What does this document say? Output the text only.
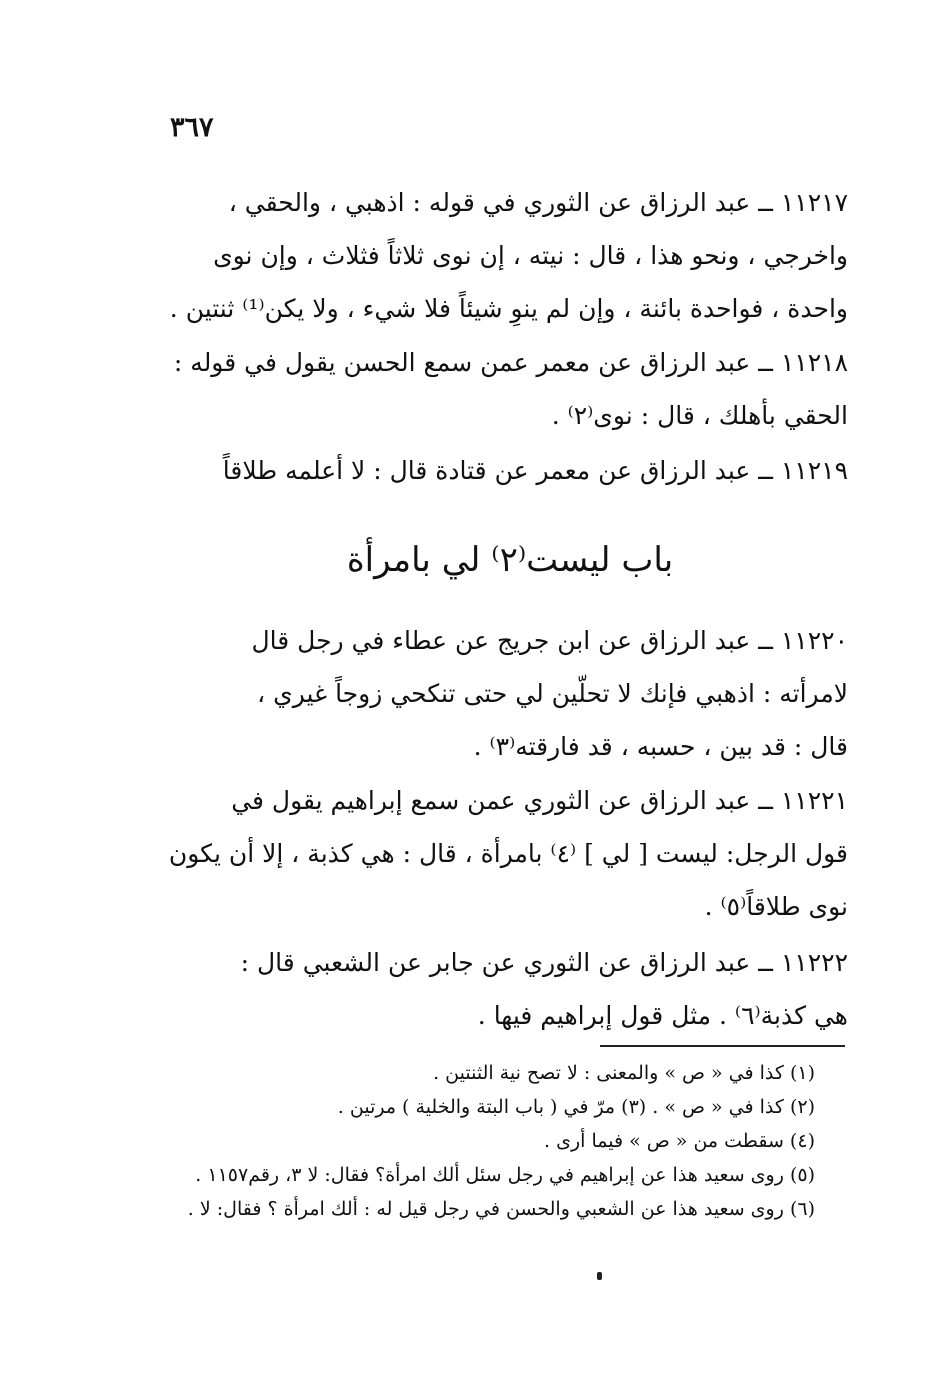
٣٦٧
١١٢١٧ ــ عبد الرزاق عن الثوري في قوله : اذهبي ، والحقي ،
واخرجي ، ونحو هذا ، قال : نيته ، إن نوى ثلاثاً فثلاث ، وإن نوى
واحدة ، فواحدة بائنة ، وإن لم ينوِ شيئاً فلا شيء ، ولا يكن⁽¹⁾ ثنتين .
١١٢١٨ ــ عبد الرزاق عن معمر عمن سمع الحسن يقول في قوله :
الحقي بأهلك ، قال : نوى⁽٢⁾ .
١١٢١٩ ــ عبد الرزاق عن معمر عن قتادة قال : لا أعلمه طلاقاً
باب ليست⁽٢⁾ لي بامرأة
١١٢٢٠ ــ عبد الرزاق عن ابن جريج عن عطاء في رجل قال
لامرأته : اذهبي فإنك لا تحلّين لي حتى تنكحي زوجاً غيري ،
قال : قد بين ، حسبه ، قد فارقته⁽٣⁾ .
١١٢٢١ ــ عبد الرزاق عن الثوري عمن سمع إبراهيم يقول في
قول الرجل: ليست [ لي ] ⁽٤⁾ بامرأة ، قال : هي كذبة ، إلا أن يكون
نوى طلاقاً⁽٥⁾ .
١١٢٢٢ ــ عبد الرزاق عن الثوري عن جابر عن الشعبي قال :
هي كذبة⁽٦⁾ . مثل قول إبراهيم فيها .
(١) كذا في « ص » والمعنى : لا تصح نية الثنتين .
(٢) كذا في « ص » . (٣) مرّ في ( باب البتة والخلية ) مرتين .
(٤) سقطت من « ص » فيما أرى .
(٥) روى سعيد هذا عن إبراهيم في رجل سئل ألك امرأة؟ فقال: لا ٣، رقم١١٥٧ .
(٦) روى سعيد هذا عن الشعبي والحسن في رجل قيل له : ألك امرأة ؟ فقال: لا .
